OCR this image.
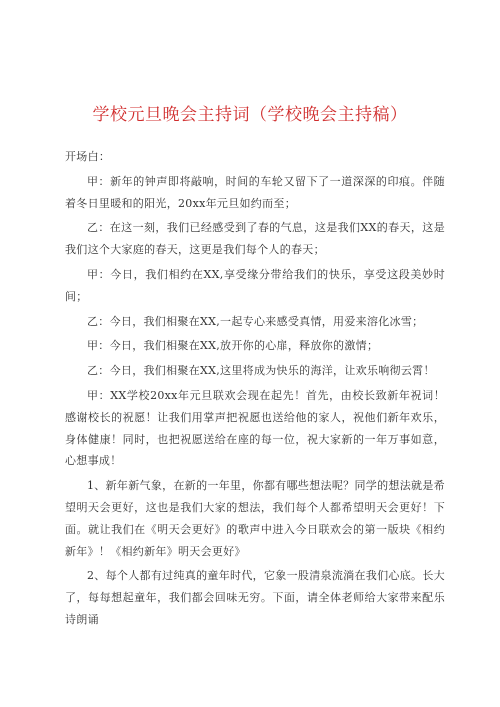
学校元旦晚会主持词（学校晚会主持稿）

开场白：

甲：新年的钟声即将敲响，时间的车轮又留下了一道深深的印痕。伴随着冬日里暖和的阳光，20xx年元旦如约而至；

乙：在这一刻，我们已经感受到了春的气息，这是我们XX的春天，这是我们这个大家庭的春天，这更是我们每个人的春天；

甲：今日，我们相约在XX,享受缘分带给我们的快乐，享受这段美妙时间；

乙：今日，我们相聚在XX,一起专心来感受真情，用爱来溶化冰雪；

甲：今日，我们相聚在XX,放开你的心扉，释放你的激情；

乙：今日，我们相聚在XX,这里将成为快乐的海洋，让欢乐响彻云霄！

甲：XX学校20xx年元旦联欢会现在起先！首先，由校长致新年祝词！感谢校长的祝愿！让我们用掌声把祝愿也送给他的家人，祝他们新年欢乐，身体健康！同时，也把祝愿送给在座的每一位，祝大家新的一年万事如意，心想事成！

1、新年新气象，在新的一年里，你都有哪些想法呢？同学的想法就是希望明天会更好，这也是我们大家的想法，我们每个人都希望明天会更好！下面。就让我们在《明天会更好》的歌声中进入今日联欢会的第一版块《相约新年》！《相约新年》明天会更好》

2、每个人都有过纯真的童年时代，它象一股清泉流淌在我们心底。长大了，每每想起童年，我们都会回味无穷。下面，请全体老师给大家带来配乐诗朗诵
